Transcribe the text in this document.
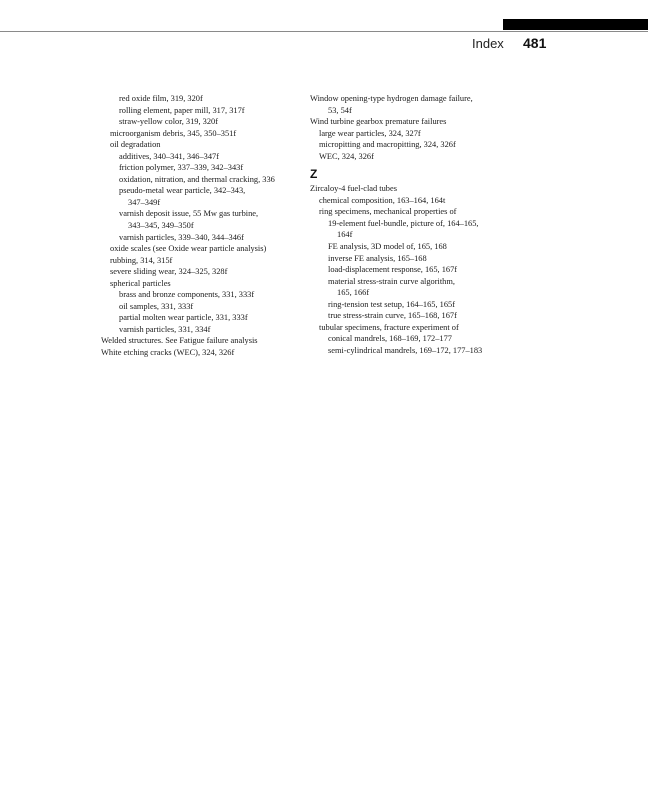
Index 481
red oxide film, 319, 320f
rolling element, paper mill, 317, 317f
straw-yellow color, 319, 320f
microorganism debris, 345, 350–351f
oil degradation
additives, 340–341, 346–347f
friction polymer, 337–339, 342–343f
oxidation, nitration, and thermal cracking, 336
pseudo-metal wear particle, 342–343,
347–349f
varnish deposit issue, 55 Mw gas turbine,
343–345, 349–350f
varnish particles, 339–340, 344–346f
oxide scales (see Oxide wear particle analysis)
rubbing, 314, 315f
severe sliding wear, 324–325, 328f
spherical particles
brass and bronze components, 331, 333f
oil samples, 331, 333f
partial molten wear particle, 331, 333f
varnish particles, 331, 334f
Welded structures. See Fatigue failure analysis
White etching cracks (WEC), 324, 326f
Window opening-type hydrogen damage failure,
53, 54f
Wind turbine gearbox premature failures
large wear particles, 324, 327f
micropitting and macropitting, 324, 326f
WEC, 324, 326f
Z
Zircaloy-4 fuel-clad tubes
chemical composition, 163–164, 164t
ring specimens, mechanical properties of
19-element fuel-bundle, picture of, 164–165,
164f
FE analysis, 3D model of, 165, 168
inverse FE analysis, 165–168
load-displacement response, 165, 167f
material stress-strain curve algorithm,
165, 166f
ring-tension test setup, 164–165, 165f
true stress-strain curve, 165–168, 167f
tubular specimens, fracture experiment of
conical mandrels, 168–169, 172–177
semi-cylindrical mandrels, 169–172, 177–183
